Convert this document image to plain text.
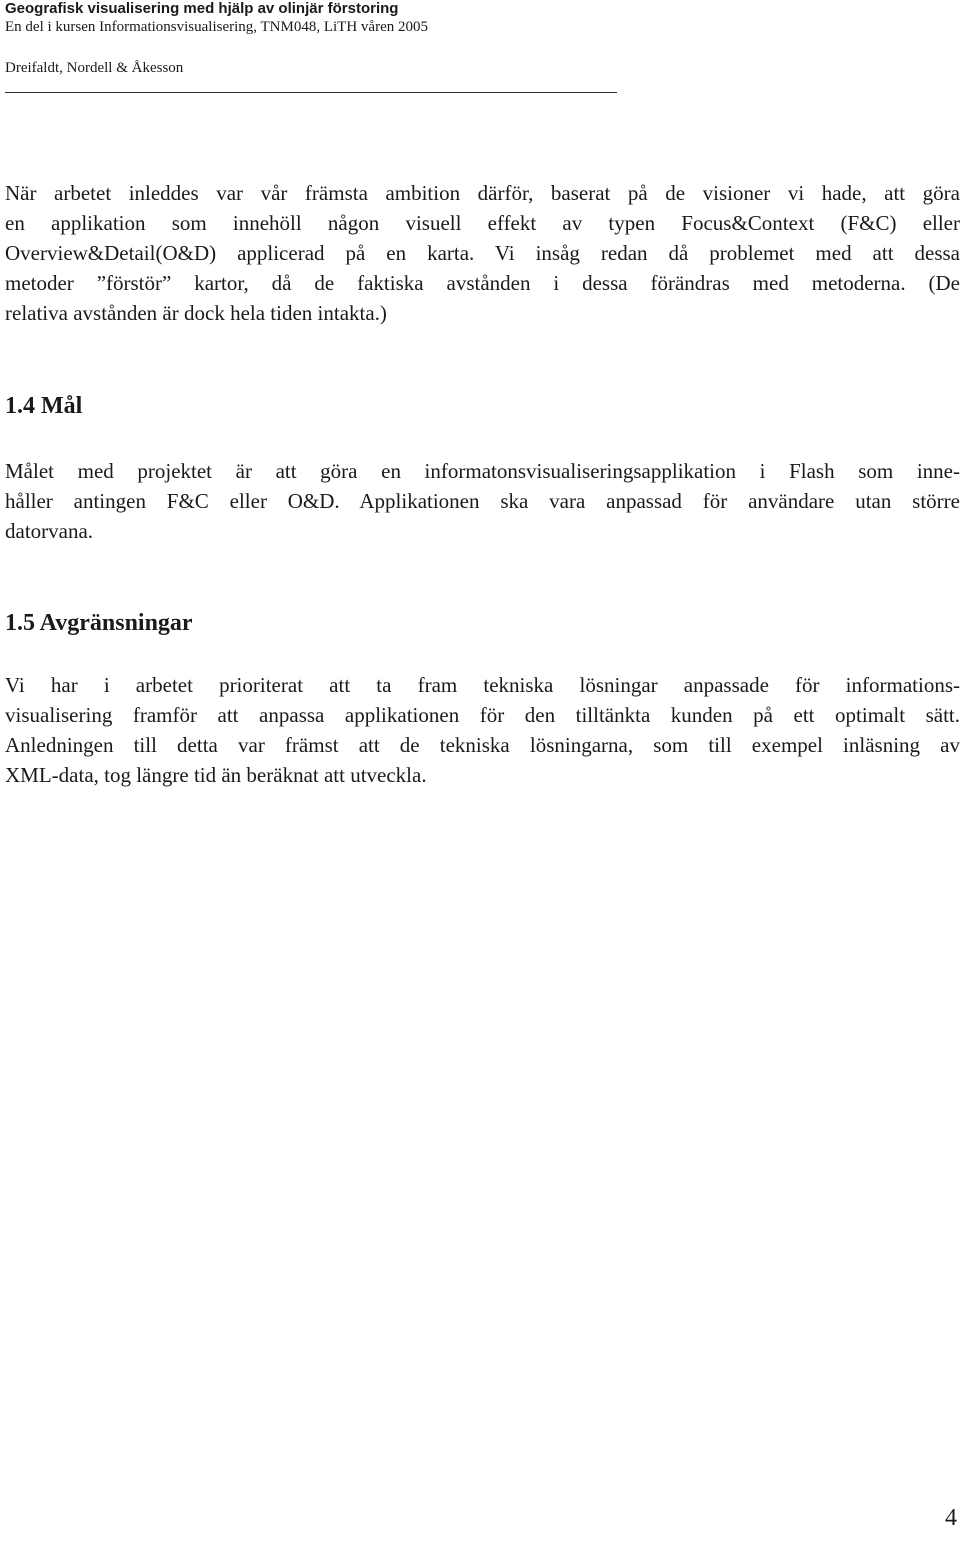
Geografisk visualisering med hjälp av olinjär förstoring
En del i kursen Informationsvisualisering, TNM048, LiTH våren 2005
Dreifaldt, Nordell & Åkesson
När arbetet inleddes var vår främsta ambition därför, baserat på de visioner vi hade, att göra
en applikation som innehöll någon visuell effekt av typen Focus&Context (F&C) eller
Overview&Detail(O&D) applicerad på en karta. Vi insåg redan då problemet med att dessa
metoder ”förstör” kartor, då de faktiska avstånden i dessa förändras med metoderna. (De
relativa avstånden är dock hela tiden intakta.)
1.4 Mål
Målet med projektet är att göra en informatonsvisualiseringsapplikation i Flash som inne-
håller antingen F&C eller O&D. Applikationen ska vara anpassad för användare utan större
datorvana.
1.5 Avgränsningar
Vi har i arbetet prioriterat att ta fram tekniska lösningar anpassade för informations-
visualisering framför att anpassa applikationen för den tilltänkta kunden på ett optimalt sätt.
Anledningen till detta var främst att de tekniska lösningarna, som till exempel inläsning av
XML-data, tog längre tid än beräknat att utveckla.
4
